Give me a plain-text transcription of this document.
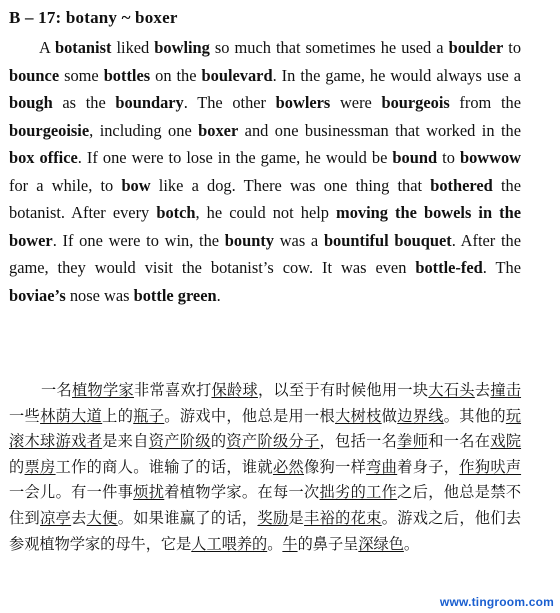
B – 17: botany ~ boxer

A botanist liked bowling so much that sometimes he used a boulder to bounce some bottles on the boulevard. In the game, he would always use a bough as the boundary. The other bowlers were bourgeois from the bourgeoisie, including one boxer and one businessman that worked in the box office. If one were to lose in the game, he would be bound to bowwow for a while, to bow like a dog. There was one thing that bothered the botanist. After every botch, he could not help moving the bowels in the bower. If one were to win, the bounty was a bountiful bouquet. After the game, they would visit the botanist’s cow. It was even bottle-fed. The boviae’s nose was bottle green.

一名植物学家非常喜欢打保龄球，以至于有时候他用一块大石头去撞击一些林荫大道上的瓶子。游戏中，他总是用一根大树枝做边界线。其他的玩滚木球游戏者是来自资产阶级的资产阶级分子，包括一名拳师和一名在戏院的票房工作的商人。谁输了的话，谁就必然像狗一样弯曲着身子，作狗吠声一会儿。有一件事烦扰着植物学家。在每一次拙劣的工作之后，他总是禁不住到凉亭去大便。如果谁赢了的话，奖励是丰裕的花束。游戏之后，他们去参观植物学家的母牛，它是人工喂养的。牛的鼻子呈深绿色。

www.tingroom.com
